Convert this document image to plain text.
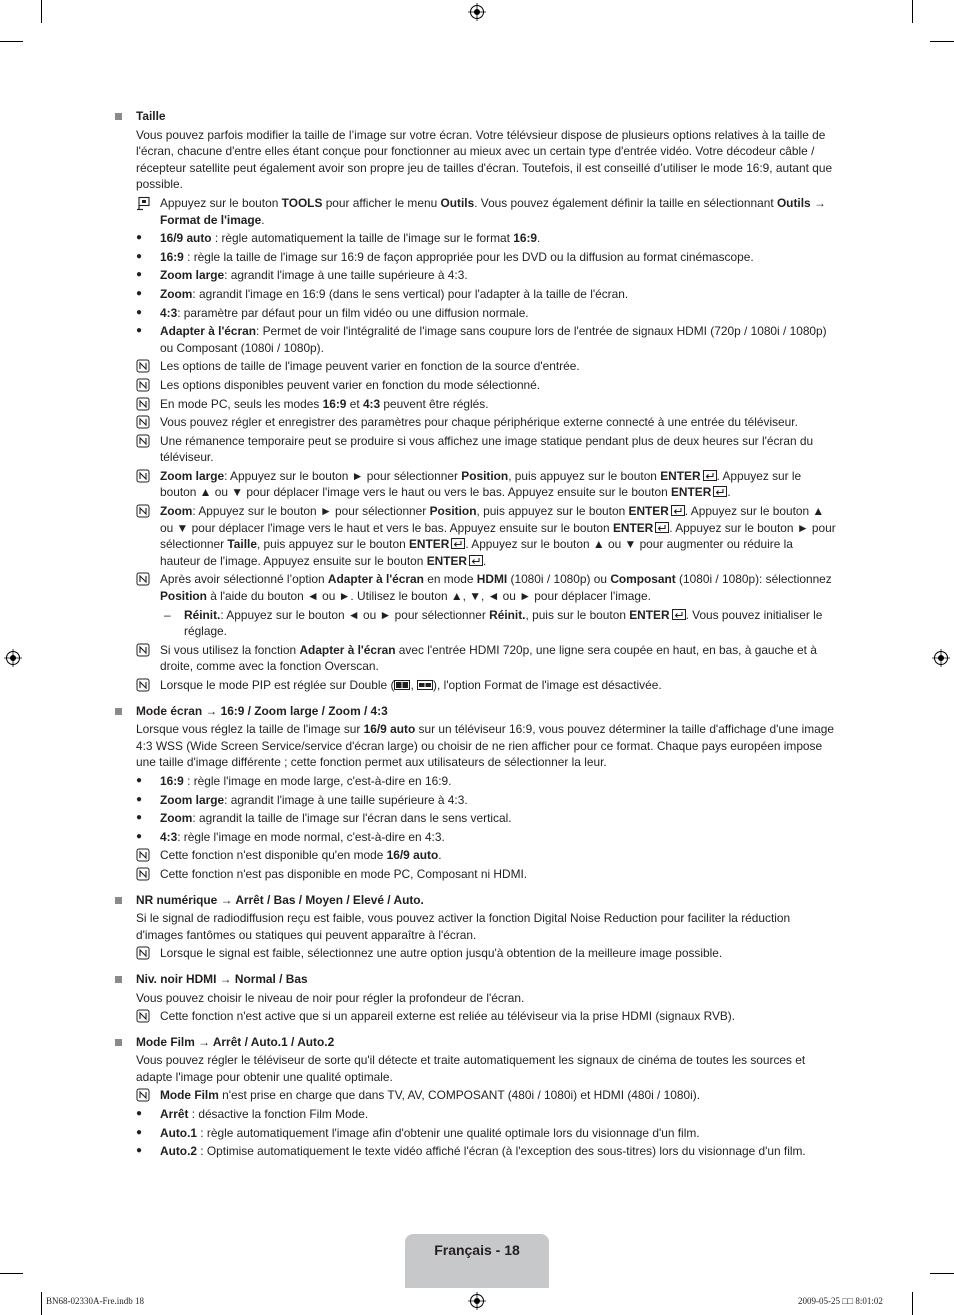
Taille
Vous pouvez parfois modifier la taille de l’image sur votre écran. Votre télévsieur dispose de plusieurs options relatives à la taille de l'écran, chacune d'entre elles étant conçue pour fonctionner au mieux avec un certain type d'entrée vidéo. Votre décodeur câble / récepteur satellite peut également avoir son propre jeu de tailles d'écran. Toutefois, il est conseillé d’utiliser le mode 16:9, autant que possible.
Appuyez sur le bouton TOOLS pour afficher le menu Outils. Vous pouvez également définir la taille en sélectionnant Outils → Format de l'image.
●	16/9 auto : règle automatiquement la taille de l'image sur le format 16:9.
●	16:9 : règle la taille de l'image sur 16:9 de façon appropriée pour les DVD ou la diffusion au format cinémascope.
●	Zoom large: agrandit l'image à une taille supérieure à 4:3.
●	Zoom: agrandit l'image en 16:9 (dans le sens vertical) pour l'adapter à la taille de l'écran.
●	4:3: paramètre par défaut pour un film vidéo ou une diffusion normale.
●	Adapter à l'écran: Permet de voir l'intégralité de l'image sans coupure lors de l'entrée de signaux HDMI (720p / 1080i / 1080p) ou Composant (1080i / 1080p).
Les options de taille de l'image peuvent varier en fonction de la source d'entrée.
Les options disponibles peuvent varier en fonction du mode sélectionné.
En mode PC, seuls les modes 16:9 et 4:3 peuvent être réglés.
Vous pouvez régler et enregistrer des paramètres pour chaque périphérique externe connecté à une entrée du téléviseur.
Une rémanence temporaire peut se produire si vous affichez une image statique pendant plus de deux heures sur l'écran du téléviseur.
Zoom large: Appuyez sur le bouton ► pour sélectionner Position, puis appuyez sur le bouton ENTER . Appuyez sur le bouton ▲ ou ▼ pour déplacer l'image vers le haut ou vers le bas. Appuyez ensuite sur le bouton ENTER .
Zoom: Appuyez sur le bouton ► pour sélectionner Position, puis appuyez sur le bouton ENTER . Appuyez sur le bouton ▲ ou ▼ pour déplacer l'image vers le haut et vers le bas. Appuyez ensuite sur le bouton ENTER . Appuyez sur le bouton ► pour sélectionner Taille, puis appuyez sur le bouton ENTER . Appuyez sur le bouton ▲ ou ▼ pour augmenter ou réduire la hauteur de l'image. Appuyez ensuite sur le bouton ENTER .
Après avoir sélectionné l’option Adapter à l'écran en mode HDMI (1080i / 1080p) ou Composant (1080i / 1080p): sélectionnez Position à l'aide du bouton ◄ ou ►. Utilisez le bouton ▲, ▼, ◄ ou ► pour déplacer l'image.
– Réinit.: Appuyez sur le bouton ◄ ou ► pour sélectionner Réinit., puis sur le bouton ENTER . Vous pouvez initialiser le réglage.
Si vous utilisez la fonction Adapter à l'écran avec l'entrée HDMI 720p, une ligne sera coupée en haut, en bas, à gauche et à droite, comme avec la fonction Overscan.
Lorsque le mode PIP est réglée sur Double ( , ), l'option Format de l'image est désactivée.
Mode écran → 16:9 / Zoom large / Zoom / 4:3
Lorsque vous réglez la taille de l'image sur 16/9 auto sur un téléviseur 16:9, vous pouvez déterminer la taille d'affichage d'une image 4:3 WSS (Wide Screen Service/service d'écran large) ou choisir de ne rien afficher pour ce format. Chaque pays européen impose une taille d'image différente ; cette fonction permet aux utilisateurs de sélectionner la leur.
●	16:9 : règle l'image en mode large, c'est-à-dire en 16:9.
●	Zoom large: agrandit l'image à une taille supérieure à 4:3.
●	Zoom: agrandit la taille de l'image sur l'écran dans le sens vertical.
●	4:3: règle l'image en mode normal, c'est-à-dire en 4:3.
Cette fonction n'est disponible qu'en mode 16/9 auto.
Cette fonction n'est pas disponible en mode PC, Composant ni HDMI.
NR numérique → Arrêt / Bas / Moyen / Elevé / Auto.
Si le signal de radiodiffusion reçu est faible, vous pouvez activer la fonction Digital Noise Reduction pour faciliter la réduction d'images fantômes ou statiques qui peuvent apparaître à l'écran.
Lorsque le signal est faible, sélectionnez une autre option jusqu'à obtention de la meilleure image possible.
Niv. noir HDMI → Normal / Bas
Vous pouvez choisir le niveau de noir pour régler la profondeur de l'écran.
Cette fonction n'est active que si un appareil externe est reliée au téléviseur via la prise HDMI (signaux RVB).
Mode Film → Arrêt / Auto.1 / Auto.2
Vous pouvez régler le téléviseur de sorte qu'il détecte et traite automatiquement les signaux de cinéma de toutes les sources et adapte l'image pour obtenir une qualité optimale.
Mode Film n'est prise en charge que dans TV, AV, COMPOSANT (480i / 1080i) et HDMI (480i / 1080i).
●	Arrêt : désactive la fonction Film Mode.
●	Auto.1 : règle automatiquement l'image afin d'obtenir une qualité optimale lors du visionnage d'un film.
●	Auto.2 : Optimise automatiquement le texte vidéo affiché l'écran (à l'exception des sous-titres) lors du visionnage d'un film.
Français - 18
BN68-02330A-Fre.indb 18	2009-05-25 □□ 8:01:02
